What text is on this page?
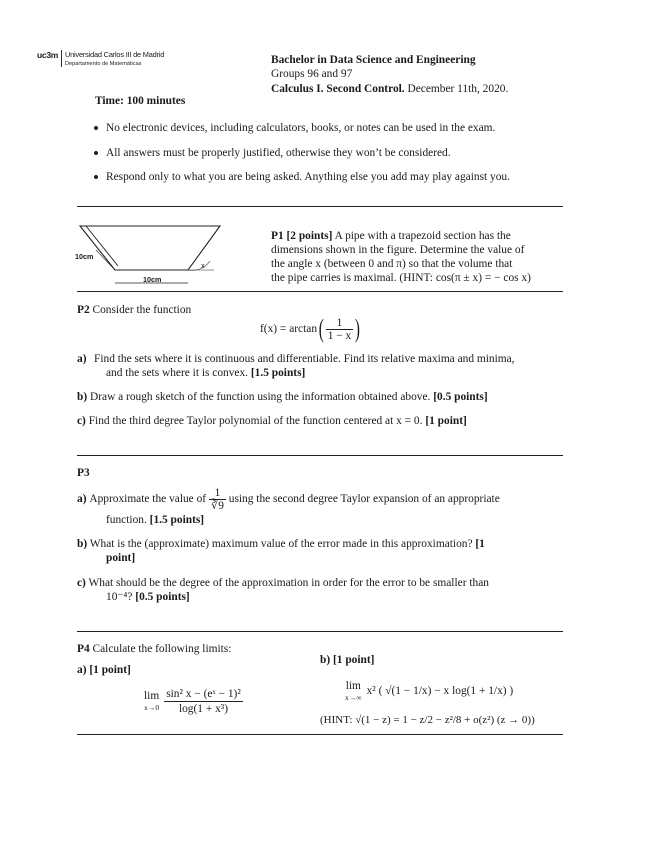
uc3m Universidad Carlos III de Madrid
Departamento de Matemáticas	Bachelor in Data Science and Engineering
Groups 96 and 97
Calculus I. Second Control. December 11th, 2020.
Time: 100 minutes
No electronic devices, including calculators, books, or notes can be used in the exam.
All answers must be properly justified, otherwise they won’t be considered.
Respond only to what you are being asked. Anything else you add may play against you.
10cm
10cm
x
P1 [2 points] A pipe with a trapezoid section has the
dimensions shown in the figure. Determine the value of
the angle x (between 0 and π) so that the volume that
the pipe carries is maximal. (HINT: cos(π ± x) = − cos x)
P2 Consider the function
f(x) = arctan ( $\frac{1}{1 - x}$ )
a) Find the sets where it is continuous and differentiable. Find its relative maxima and minima,
and the sets where it is convex. [1.5 points]
b) Draw a rough sketch of the function using the information obtained above. [0.5 points]
c) Find the third degree Taylor polynomial of the function centered at x = 0. [1 point]
P3
a)
Approximate the value of
$\frac{1}{∛9}$
using the second degree Taylor expansion of an appropriate
function. [1.5 points]
b) What is the (approximate) maximum value of the error made in this approximation? [1
point]
c) What should be the degree of the approximation in order for the error to be smaller than
10⁻⁴? [0.5 points]
P4 Calculate the following limits:
a) [1 point]
lim
$x\to 0 \frac{\text{sin² x − (eˣ − 1)²}}{\text{log(1 + x³)}}$
b) [1 point]
lim
x→∞
x² ( √(1 − 1/x) − x log(1 + 1/x) )
(HINT: √(1 − z) = 1 − z/2 − z²/8 + o(z²) (z → 0))
